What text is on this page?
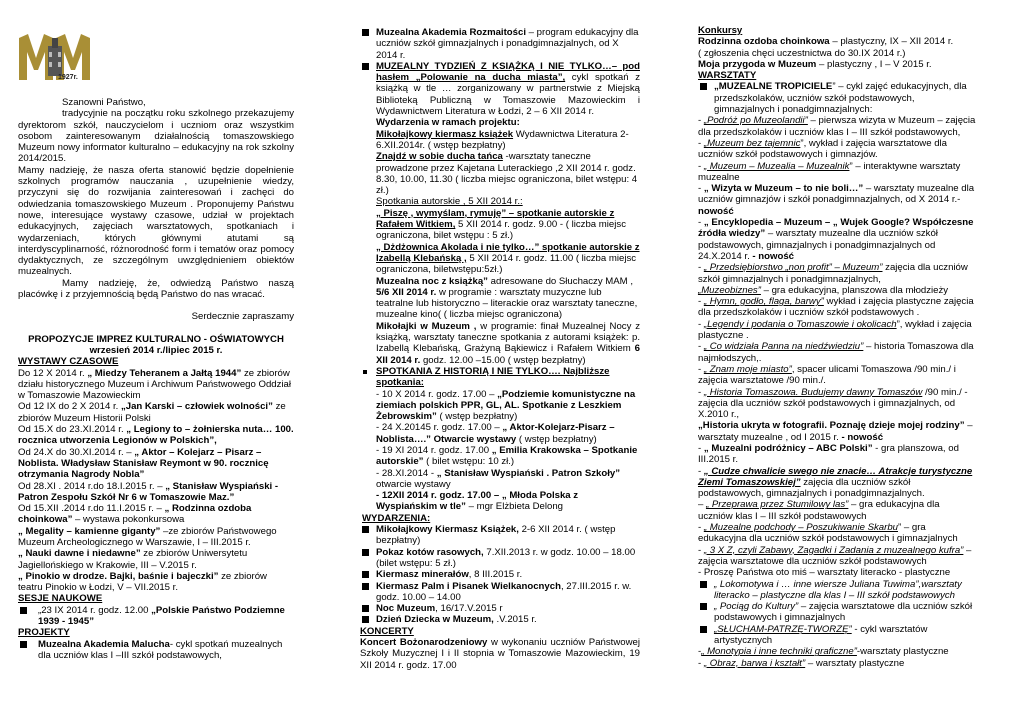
1927r.

Szanowni Państwo,

tradycyjnie na początku roku szkolnego przekazujemy dyrektorom szkół, nauczycielom i uczniom oraz wszystkim osobom zainteresowanym działalnością tomaszowskiego Muzeum nowy informator kulturalno – edukacyjny na rok szkolny 2014/2015.

Mamy nadzieję, że nasza oferta stanowić będzie dopełnienie szkolnych programów nauczania , uzupełnienie wiedzy, przyczyni się do rozwijania zainteresowań i zachęci do odwiedzania tomaszowskiego Muzeum . Proponujemy Państwu nowe, interesujące wystawy czasowe, udział w projektach edukacyjnych, zajęciach warsztatowych, spotkaniach i wydarzeniach, których głównymi atutami są interdyscyplinarność, różnorodność form i tematów oraz pomocy dydaktycznych, ze szczególnym uwzględnieniem obiektów muzealnych.

Mamy nadzieję, że, odwiedzą Państwo naszą placówkę i z przyjemnością będą Państwo do nas wracać.

Serdecznie zapraszamy

PROPOZYCJE IMPREZ KULTURALNO - OŚWIATOWYCH

wrzesień 2014 r./lipiec 2015 r.

WYSTAWY CZASOWE

Do 12 X 2014 r. „ Miedzy Teheranem a Jałtą 1944” ze zbiorów działu historycznego Muzeum i Archiwum Państwowego Oddział w Tomaszowie Mazowieckim

Od 12 IX do 2 X 2014 r. „Jan Karski – człowiek wolności” ze zbiorów Muzeum Historii Polski

Od 15.X do 23.XI.2014 r. „ Legiony to – żołnierska nuta… 100. rocznica utworzenia Legionów w Polskich”,

Od 24.X do 30.XI.2014 r. – „ Aktor – Kolejarz – Pisarz – Noblista. Władysław Stanisław Reymont w 90. rocznicę otrzymania Nagrody Nobla”

Od 28.XI . 2014 r.do 18.I.2015 r. – „ Stanisław Wyspiański - Patron Zespołu Szkół Nr 6 w Tomaszowie Maz.”

Od 15.XII .2014 r.do 11.I.2015 r. – „ Rodzinna ozdoba choinkowa” – wystawa pokonkursowa

„ Megality – kamienne giganty” –ze zbiorów Państwowego Muzeum Archeologicznego w Warszawie, I – III.2015 r.

„ Nauki dawne i niedawne” ze zbiorów Uniwersytetu Jagiellońskiego w Krakowie, III – V.2015 r.

„ Pinokio w drodze. Bajki, baśnie i bajeczki” ze zbiorów teatru Pinokio w Łodzi, V – VII.2015 r.

SESJE NAUKOWE

„23 IX 2014 r. godz. 12.00 „Polskie Państwo Podziemne 1939 - 1945”

PROJEKTY

Muzealna Akademia Malucha- cykl spotkań muzealnych dla uczniów klas I –III szkół podstawowych,

Muzealna Akademia Rozmaitości – program edukacyjny dla uczniów szkół gimnazjalnych i ponadgimnazjalnych, od X 2014 r.

MUZEALNY TYDZIEŃ Z KSIĄŻKĄ I NIE TYLKO…– pod hasłem „Polowanie na ducha miasta”, cykl spotkań z książką w tle … zorganizowany w partnerstwie z Miejską Biblioteką Publiczną w Tomaszowie Mazowieckim i Wydawnictwem Literatura w Łodzi, 2 – 6 XII 2014 r.

Wydarzenia w ramach projektu:

Mikołajkowy kiermasz książek Wydawnictwa Literatura 2-6.XII.2014r. ( wstęp bezpłatny)

Znajdź w sobie ducha tańca -warsztaty taneczne prowadzone przez Kajetana Luterackiego ,2 XII 2014 r. godz. 8.30, 10.00, 11.30 ( liczba miejsc ograniczona, bilet wstępu: 4 zł.)

Spotkania autorskie , 5 XII 2014 r.:

„ Piszę , wymyślam, rymuję” – spotkanie autorskie z Rafałem Witkiem, 5 XII 2014 r. godz. 9.00 - ( liczba miejsc ograniczona, bilet wstępu : 5 zł.)

„ Dżdżownica Akolada i nie tylko…” spotkanie autorskie z Izabellą Klebańską , 5 XII 2014 r. godz. 11.00 ( liczba miejsc ograniczona, biletwstępu:5zł.)

Muzealna noc z książką” adresowane do Słuchaczy MAM , 5/6 XII 2014 r. w programie : warsztaty muzyczne lub teatralne lub historyczno – literackie oraz warsztaty taneczne, muzealne kino( ( liczba miejsc ograniczona)

Mikołajki w Muzeum , w programie: finał Muzealnej Nocy z książką, warsztaty taneczne spotkania z autorami książek: p. Izabellą Klebańską, Grażyną Bąkiewicz i Rafałem Witkiem 6 XII 2014 r. godz. 12.00 –15.00 ( wstęp bezpłatny)

SPOTKANIA Z HISTORIĄ I NIE TYLKO…. Najbliższe spotkania:

- 10 X 2014 r. godz. 17.00 – „Podziemie komunistyczne na ziemiach polskich PPR, GL, AL. Spotkanie z Leszkiem Żebrowskim” ( wstęp bezpłatny)

- 24 X.20145 r. godz. 17.00 – „ Aktor-Kolejarz-Pisarz – Noblista….” Otwarcie wystawy ( wstęp bezpłatny)

- 19 XI 2014 r. godz. 17.00 „ Emilia Krakowska – Spotkanie autorskie” ( bilet wstępu: 10 zł.)

- 28.XI.2014 - „ Stanisław Wyspiański . Patron Szkoły” otwarcie wystawy

- 12XII 2014 r. godz. 17.00 – „ Młoda Polska z Wyspiańskim w tle” – mgr Elżbieta Delong

WYDARZENIA:

Mikołajkowy Kiermasz Książek, 2-6 XII 2014 r. ( wstęp bezpłatny)

Pokaz kotów rasowych, 7.XII.2013 r. w godz. 10.00 – 18.00 (bilet wstępu: 5 zł.)

Kiermasz minerałów, 8 III.2015 r.

Kiermasz Palm i Pisanek Wielkanocnych, 27.III.2015 r. w. godz. 10.00 – 14.00

Noc Muzeum, 16/17.V.2015 r

Dzień Dziecka w Muzeum, .V.2015 r.

KONCERTY

Koncert Bożonarodzeniowy w wykonaniu uczniów Państwowej Szkoły Muzycznej I i II stopnia w Tomaszowie Mazowieckim, 19 XII 2014 r. godz. 17.00

Konkursy

Rodzinna ozdoba choinkowa – plastyczny, IX – XII 2014 r.

( zgłoszenia chęci uczestnictwa do 30.IX 2014 r.)

Moja przygoda w Muzeum – plastyczny , I – V 2015 r.

WARSZTATY

„MUZEALNE TROPICIELE” – cykl zajęć edukacyjnych, dla przedszkolaków, uczniów szkół podstawowych, gimnazjalnych i ponadgimnazjalnych:

- „Podróż po Muzeolandii” – pierwsza wizyta w Muzeum – zajęcia dla przedszkolaków i uczniów klas I – III szkół podstawowych,

- „Muzeum bez tajemnic”, wykład i zajęcia warsztatowe dla uczniów szkół podstawowych i gimnazjów.

- „ Muzeum – Muzealia – Muzealnik” – interaktywne warsztaty muzealne

- „ Wizyta w Muzeum – to nie boli…” – warsztaty muzealne dla uczniów gimnazjów i szkół ponadgimnazjalnych, od X 2014 r.- nowość

- „ Encyklopedia – Muzeum – „ Wujek Google? Współczesne źródła wiedzy” – warsztaty muzealne dla uczniów szkół podstawowych, gimnazjalnych i ponadgimnazjalnych od 24.X.2014 r. - nowość

- „ Przedsiębiorstwo „non profit” – Muzeum” zajęcia dla uczniów szkół gimnazjalnych i ponadgimnazjalnych,

„Muzeobiznes” – gra edukacyjna, planszowa dla młodzieży

- „ Hymn, godło, flaga, barwy” wykład i zajęcia plastyczne zajęcia dla przedszkolaków i uczniów szkół podstawowych .

- „Legendy i podania o Tomaszowie i okolicach”, wykład i zajęcia plastyczne .

- „ Co widziała Panna na niedźwiedziu” – historia Tomaszowa dla najmłodszych,.

- „ Znam moje miasto”, spacer ulicami Tomaszowa /90 min./ i zajęcia warsztatowe /90 min./.

- „ Historia Tomaszowa. Budujemy dawny Tomaszów /90 min./ - zajęcia dla uczniów szkół podstawowych i gimnazjalnych, od X.2010 r.,

„Historia ukryta w fotografii. Poznaję dzieje mojej rodziny” – warsztaty muzealne , od I 2015 r. - nowość

- „ Muzealni podróżnicy – ABC Polski” - gra planszowa, od III.2015 r.

- „ Cudze chwalicie swego nie znacie… Atrakcje turystyczne Ziemi Tomaszowskiej” zajęcia dla uczniów szkół podstawowych, gimnazjalnych i ponadgimnazjalnych.

– „ Przeprawa przez Stumilowy las” – gra edukacyjna dla uczniów klas I – III szkół podstawowych

- „ Muzealne podchody – Poszukiwanie Skarbu” – gra edukacyjna dla uczniów szkół podstawowych i gimnazjalnych

- „ 3 X Z, czyli Zabawy, Zagadki i Zadania z muzealnego kufra” – zajęcia warsztatowe dla uczniów szkół podstawowych

- Proszę Państwa oto miś – warsztaty literacko - plastyczne

„ Lokomotywa i … inne wiersze Juliana Tuwima”,warsztaty literacko – plastyczne dla klas I – III szkół podstawowych

„ Pociąg do Kultury” – zajęcia warsztatowe dla uczniów szkół podstawowych i gimnazjalnych

„SŁUCHAM-PATRZĘ-TWORZĘ” - cykl warsztatów artystycznych

-„ Monotypia i inne techniki graficzne”-warsztaty plastyczne

- „ Obraz, barwa i kształt” – warsztaty plastyczne
